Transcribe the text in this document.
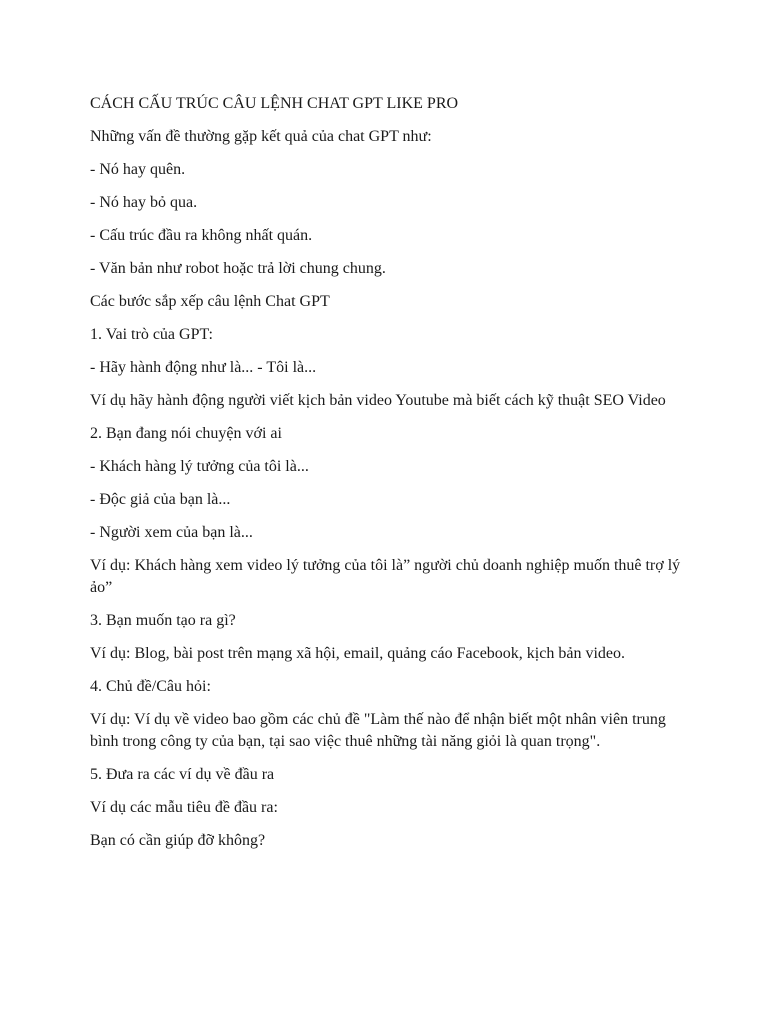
CÁCH CẤU TRÚC CÂU LỆNH CHAT GPT LIKE PRO

Những vấn đề thường gặp kết quả của chat GPT như:

- Nó hay quên.

- Nó hay bỏ qua.

- Cấu trúc đầu ra không nhất quán.

- Văn bản như robot hoặc trả lời chung chung.

Các bước sắp xếp câu lệnh Chat GPT

1. Vai trò của GPT:

- Hãy hành động như là... - Tôi là...

Ví dụ hãy hành động người viết kịch bản video Youtube mà biết cách kỹ thuật SEO Video

2. Bạn đang nói chuyện với ai

- Khách hàng lý tưởng của tôi là...

- Độc giả của bạn là...

- Người xem của bạn là...

Ví dụ: Khách hàng xem video lý tưởng của tôi là” người chủ doanh nghiệp muốn thuê trợ lý ảo”

3. Bạn muốn tạo ra gì?

Ví dụ: Blog, bài post trên mạng xã hội, email, quảng cáo Facebook, kịch bản video.

4. Chủ đề/Câu hỏi:

Ví dụ: Ví dụ về video bao gồm các chủ đề "Làm thế nào để nhận biết một nhân viên trung bình trong công ty của bạn, tại sao việc thuê những tài năng giỏi là quan trọng".

5. Đưa ra các ví dụ về đầu ra

Ví dụ các mẫu tiêu đề đầu ra:

Bạn có cần giúp đỡ không?
